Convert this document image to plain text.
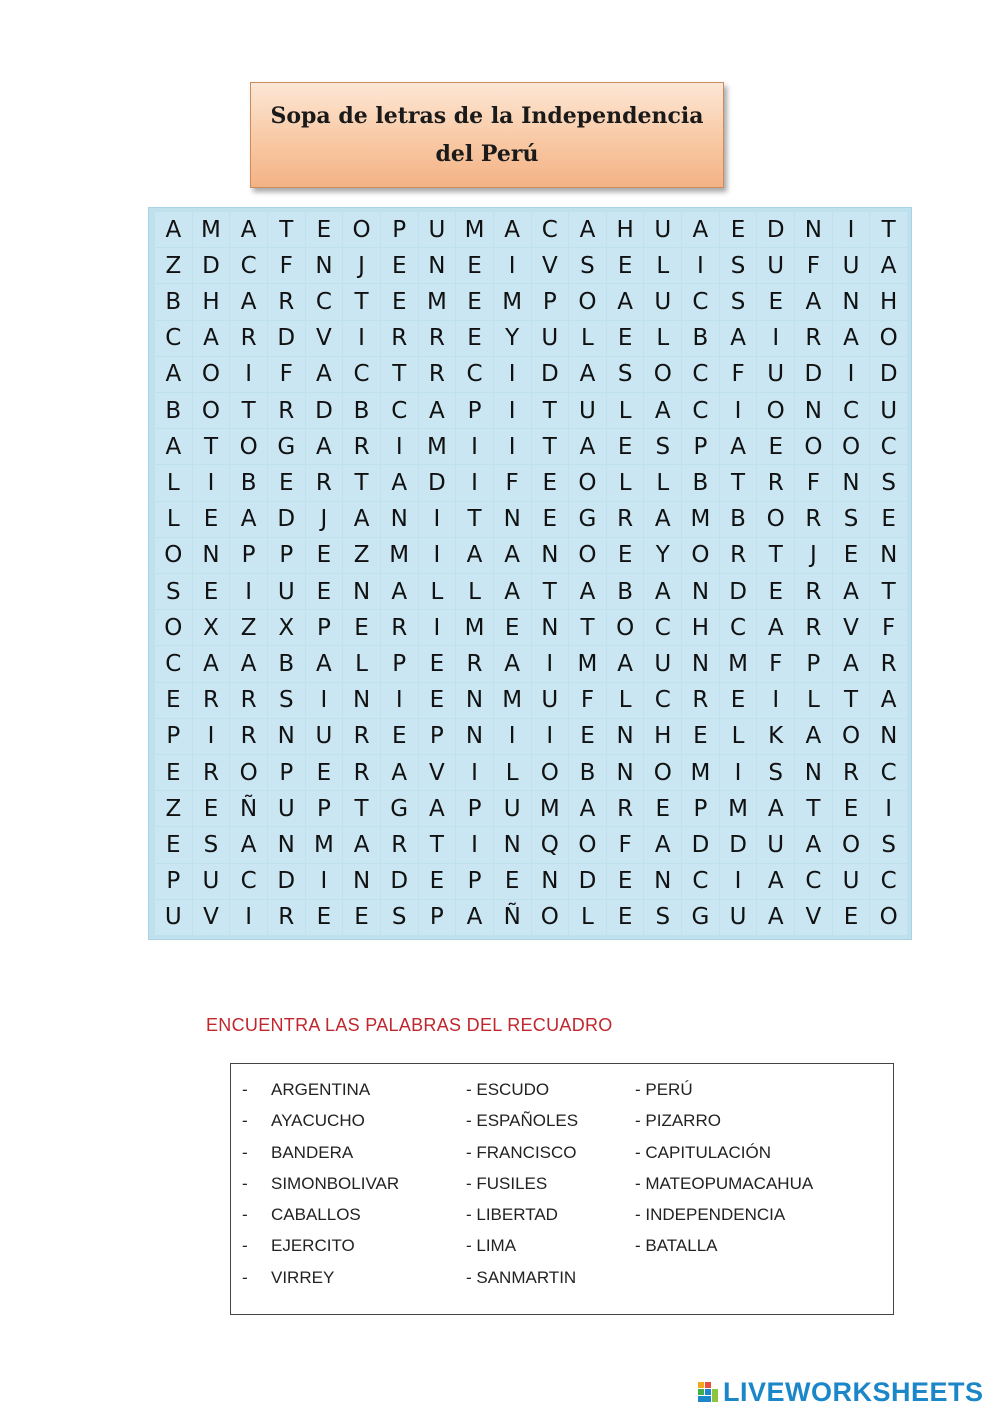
Sopa de letras de la Independencia
del Perú
A M A T	E O P U M A C A H U A E D N	I	T
Z D C	F N	J	E N E	I	V S	E	L	I	S U F U A
B H A R C T	E M E M P O A U C S	E A N H
C A R D V	I	R R E	Y U L	E	L	B A	I	R A O
A O	I	F	A C T R C	I	D A S O C	F U D	I	D
B O T R D B C A P	I	T U L	A C	I	O N C U
A T O G A R	I	M	I	I	T A E	S	P A E O O C
L	I	B E R T A D	I	F	E O L	L	B T R	F N S
L	E A D	J	A N	I	T N E G R A M B O R S	E
O N P	P	E Z M	I	A A N O E	Y O R T	J	E N
S	E	I	U E N A	L	L	A T A B A N D E R A T
O X Z X P	E R	I	M E N T O C H C A R V	F
C A A B A	L	P	E R A	I	M A U N M F	P A R
E R R S	I	N	I	E N M U F	L	C R E	I	L	T A
P	I	R N U R E	P N	I	I	E N H E	L	K A O N
E R O P	E R A V	I	L O B N O M	I	S N R C
Z E Ñ U P	T G A P U M A R E	P M A T	E	I
E	S A N M A R T	I	N Q O F	A D D U A O S
P U C D	I	N D E	P	E N D E N C	I	A C U C
U V	I	R E	E	S	P A Ñ O L	E	S G U A V E O
ENCUENTRA LAS PALABRAS DEL RECUADRO
-
-
-
-
-
-
-
ARGENTINA
AYACUCHO
BANDERA
SIMONBOLIVAR
CABALLOS
EJERCITO
VIRREY
- ESCUDO
- ESPAÑOLES
- FRANCISCO
- FUSILES
- LIBERTAD
- LIMA
- SANMARTIN
- PERÚ
- PIZARRO
- CAPITULACIÓN
- MATEOPUMACAHUA
- INDEPENDENCIA
- BATALLA
LIVEWORKSHEETS
